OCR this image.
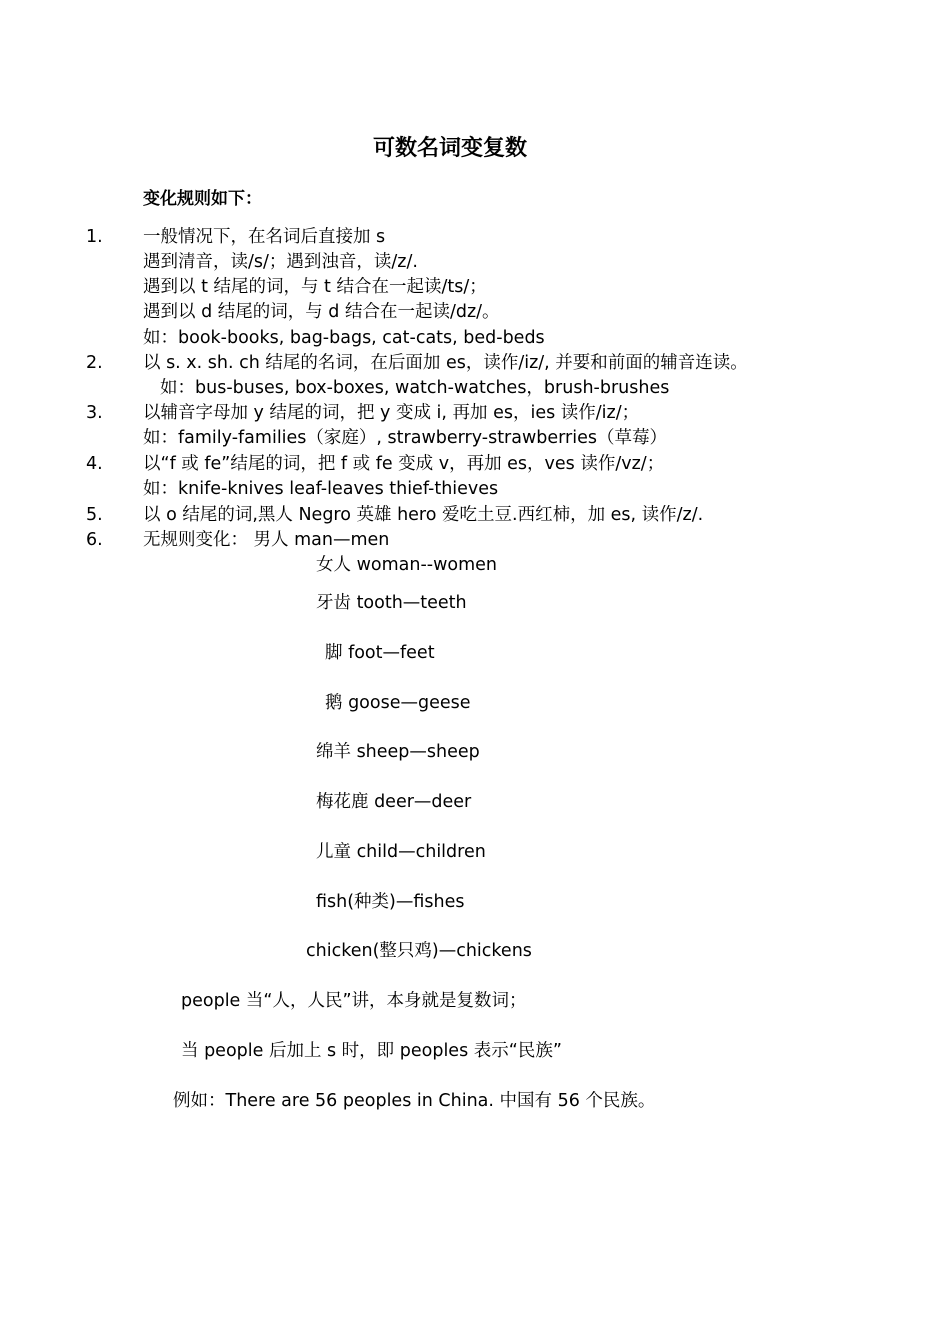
可数名词变复数
变化规则如下：
1. 一般情况下，在名词后直接加 s
遇到清音，读/s/；遇到浊音，读/z/.
遇到以 t 结尾的词，与 t 结合在一起读/ts/；
遇到以 d 结尾的词，与 d 结合在一起读/dz/。
如：book-books, bag-bags, cat-cats, bed-beds
2. 以 s. x. sh. ch 结尾的名词，在后面加 es，读作/iz/, 并要和前面的辅音连读。
如：bus-buses, box-boxes, watch-watches，brush-brushes
3. 以辅音字母加 y 结尾的词，把 y 变成 i, 再加 es，ies 读作/iz/；
如：family-families（家庭）, strawberry-strawberries（草莓）
4. 以“f 或 fe”结尾的词，把 f 或 fe 变成 v，再加 es，ves 读作/vz/；
如：knife-knives leaf-leaves thief-thieves
5. 以 o 结尾的词,黑人 Negro 英雄 hero 爱吃土豆.西红柿，加 es, 读作/z/.
6. 无规则变化： 男人 man—men
女人 woman--women
牙齿 tooth—teeth
脚 foot—feet
鹅 goose—geese
绵羊 sheep—sheep
梅花鹿 deer—deer
儿童 child—children
fish(种类)—fishes
chicken(整只鸡)—chickens
people 当“人，人民”讲，本身就是复数词；
当 people 后加上 s 时，即 peoples 表示“民族”
例如：There are 56 peoples in China. 中国有 56 个民族。
